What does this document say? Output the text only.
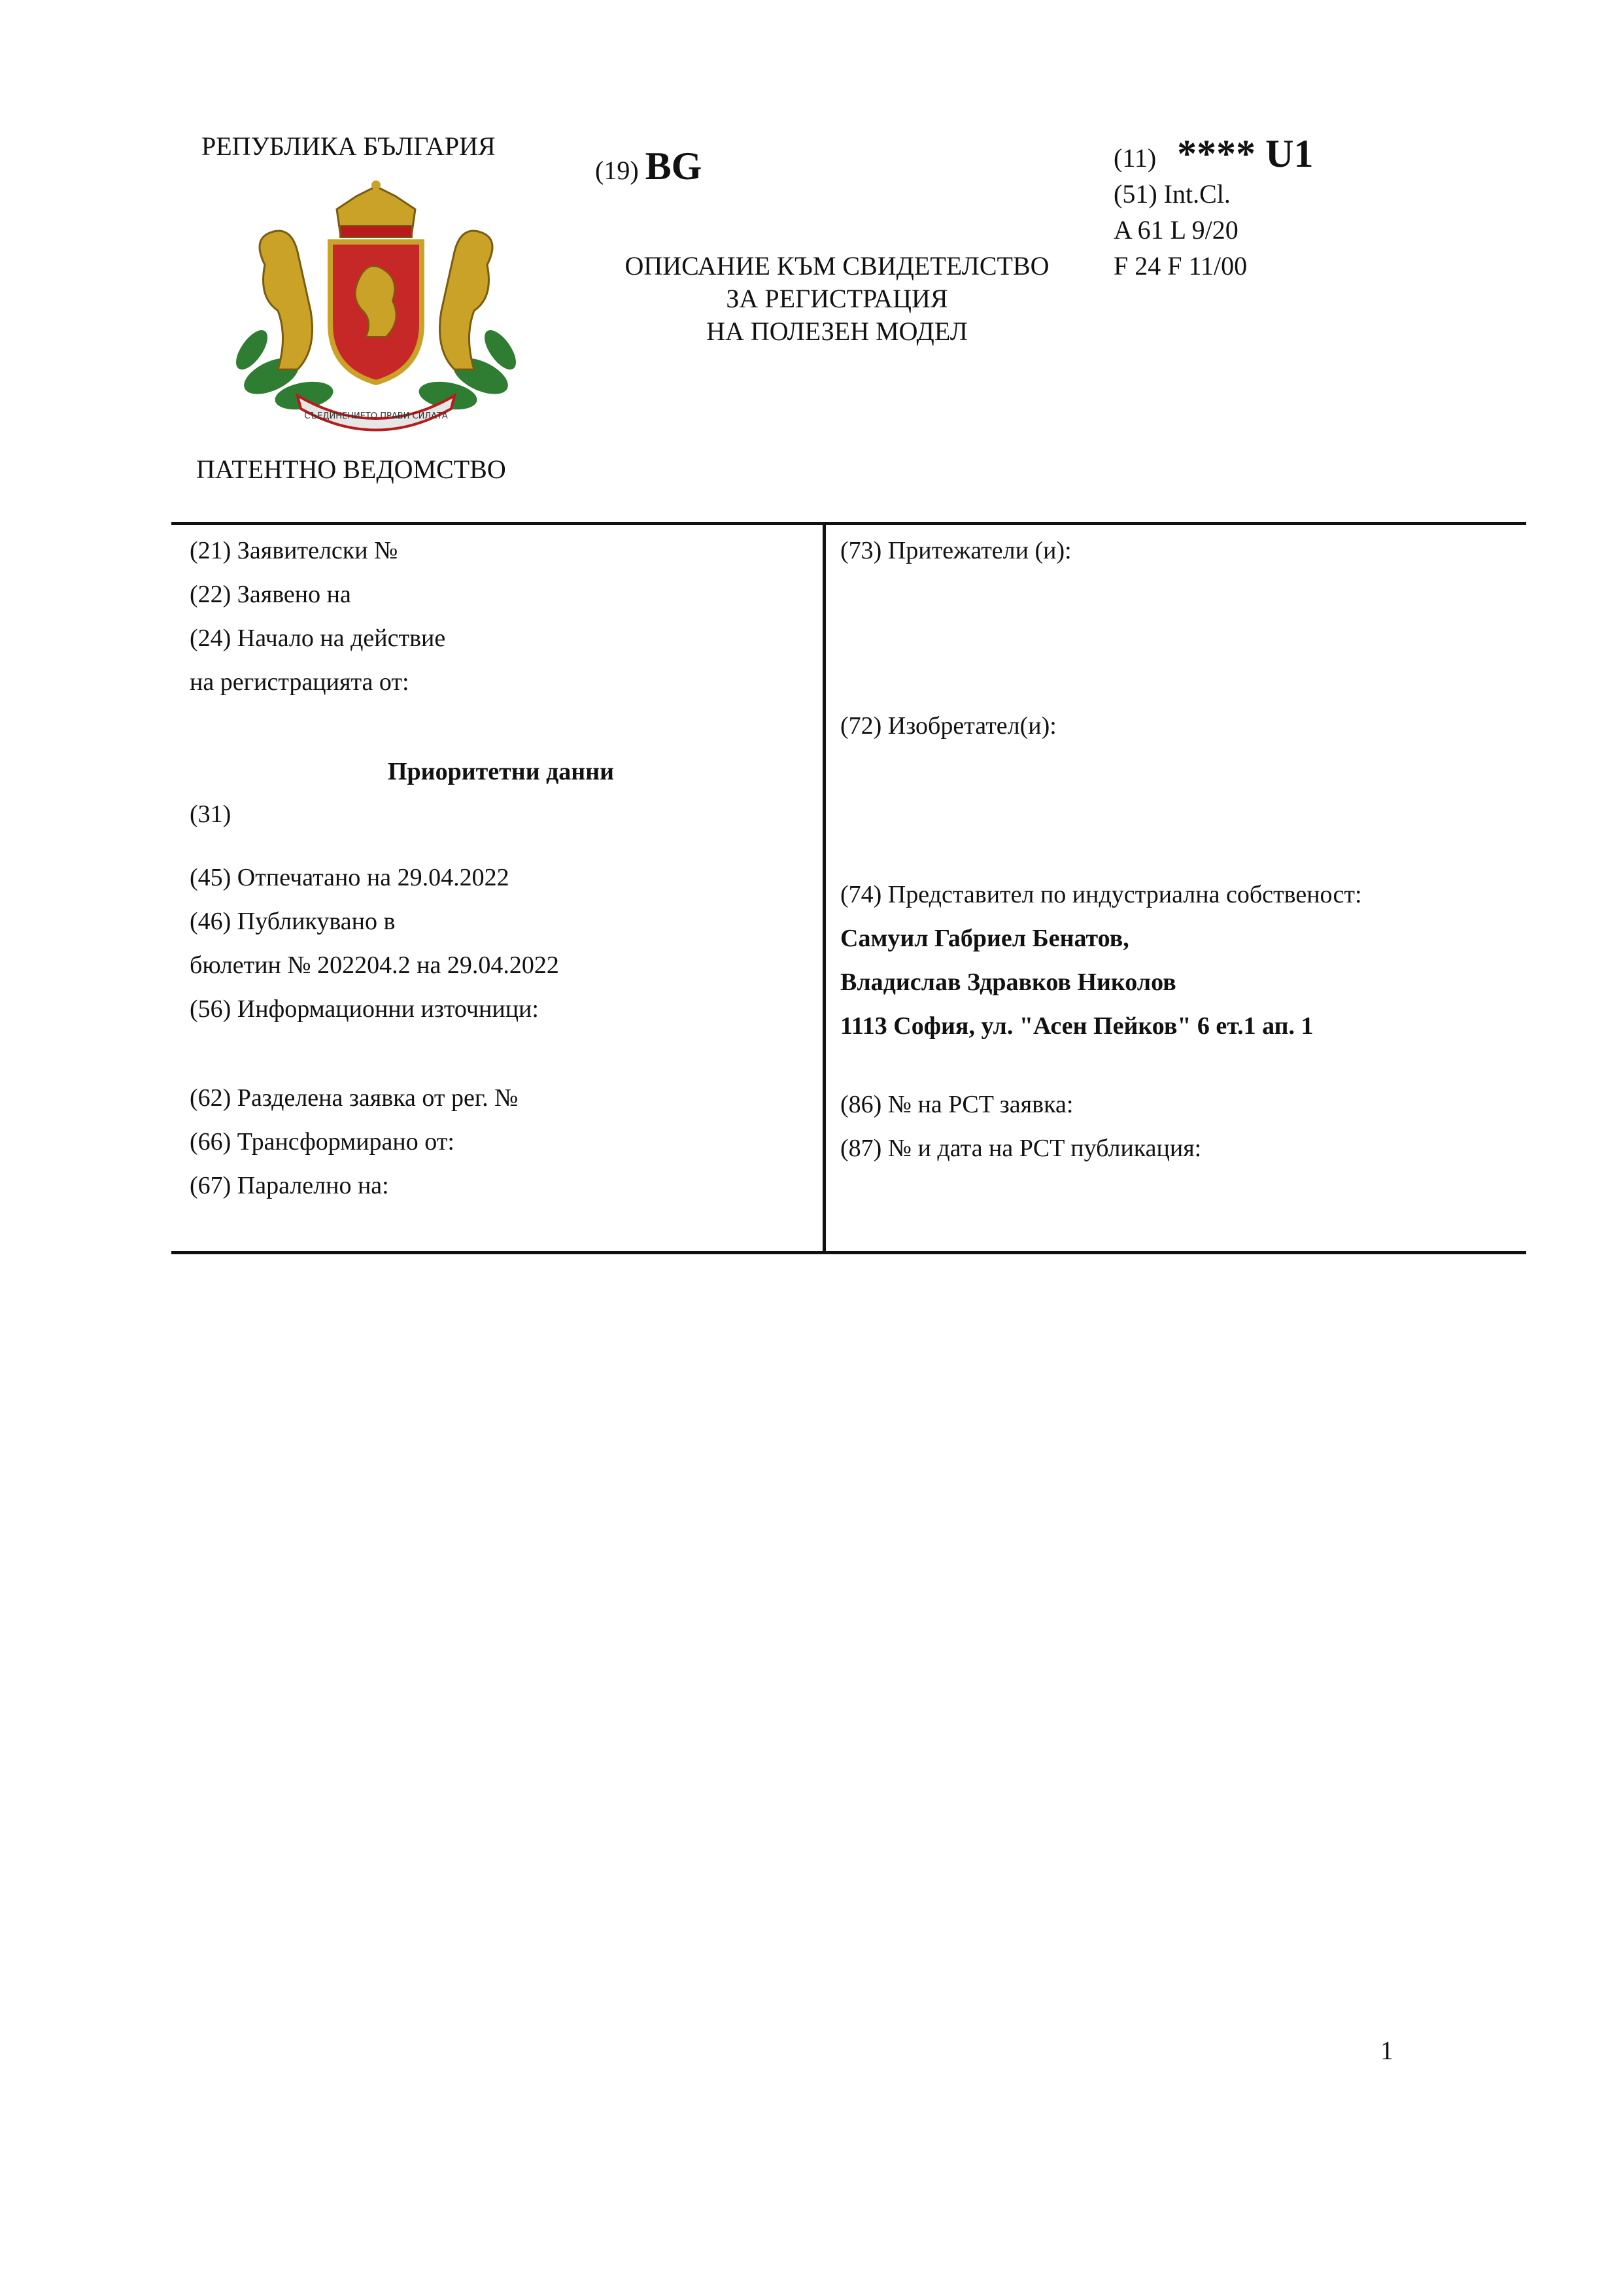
РЕПУБЛИКА БЪЛГАРИЯ
СЪЕДИНЕНИЕТО ПРАВИ СИЛАТА
ПАТЕНТНО ВЕДОМСТВО
(19) BG
ОПИСАНИЕ КЪМ СВИДЕТЕЛСТВО
ЗА РЕГИСТРАЦИЯ
НА ПОЛЕЗЕН МОДЕЛ
(11) **** U1
(51) Int.Cl.
A 61 L 9/20
F 24 F 11/00
(21) Заявителски №
(22) Заявено на
(24) Начало на действие
на регистрацията от:
Приоритетни данни
(31)
(45) Отпечатано на 29.04.2022
(46) Публикувано в
бюлетин № 202204.2 на 29.04.2022
(56) Информационни източници:
(62) Разделена заявка от рег. №
(66) Трансформирано от:
(67) Паралелно на:
(73) Притежатели (и):
(72) Изобретател(и):
(74) Представител по индустриална собственост:
Самуил Габриел Бенатов,
Владислав Здравков Николов
1113 София, ул. "Асен Пейков" 6 ет.1 ап. 1
(86) № на PCT заявка:
(87) № и дата на PCT публикация:
1
